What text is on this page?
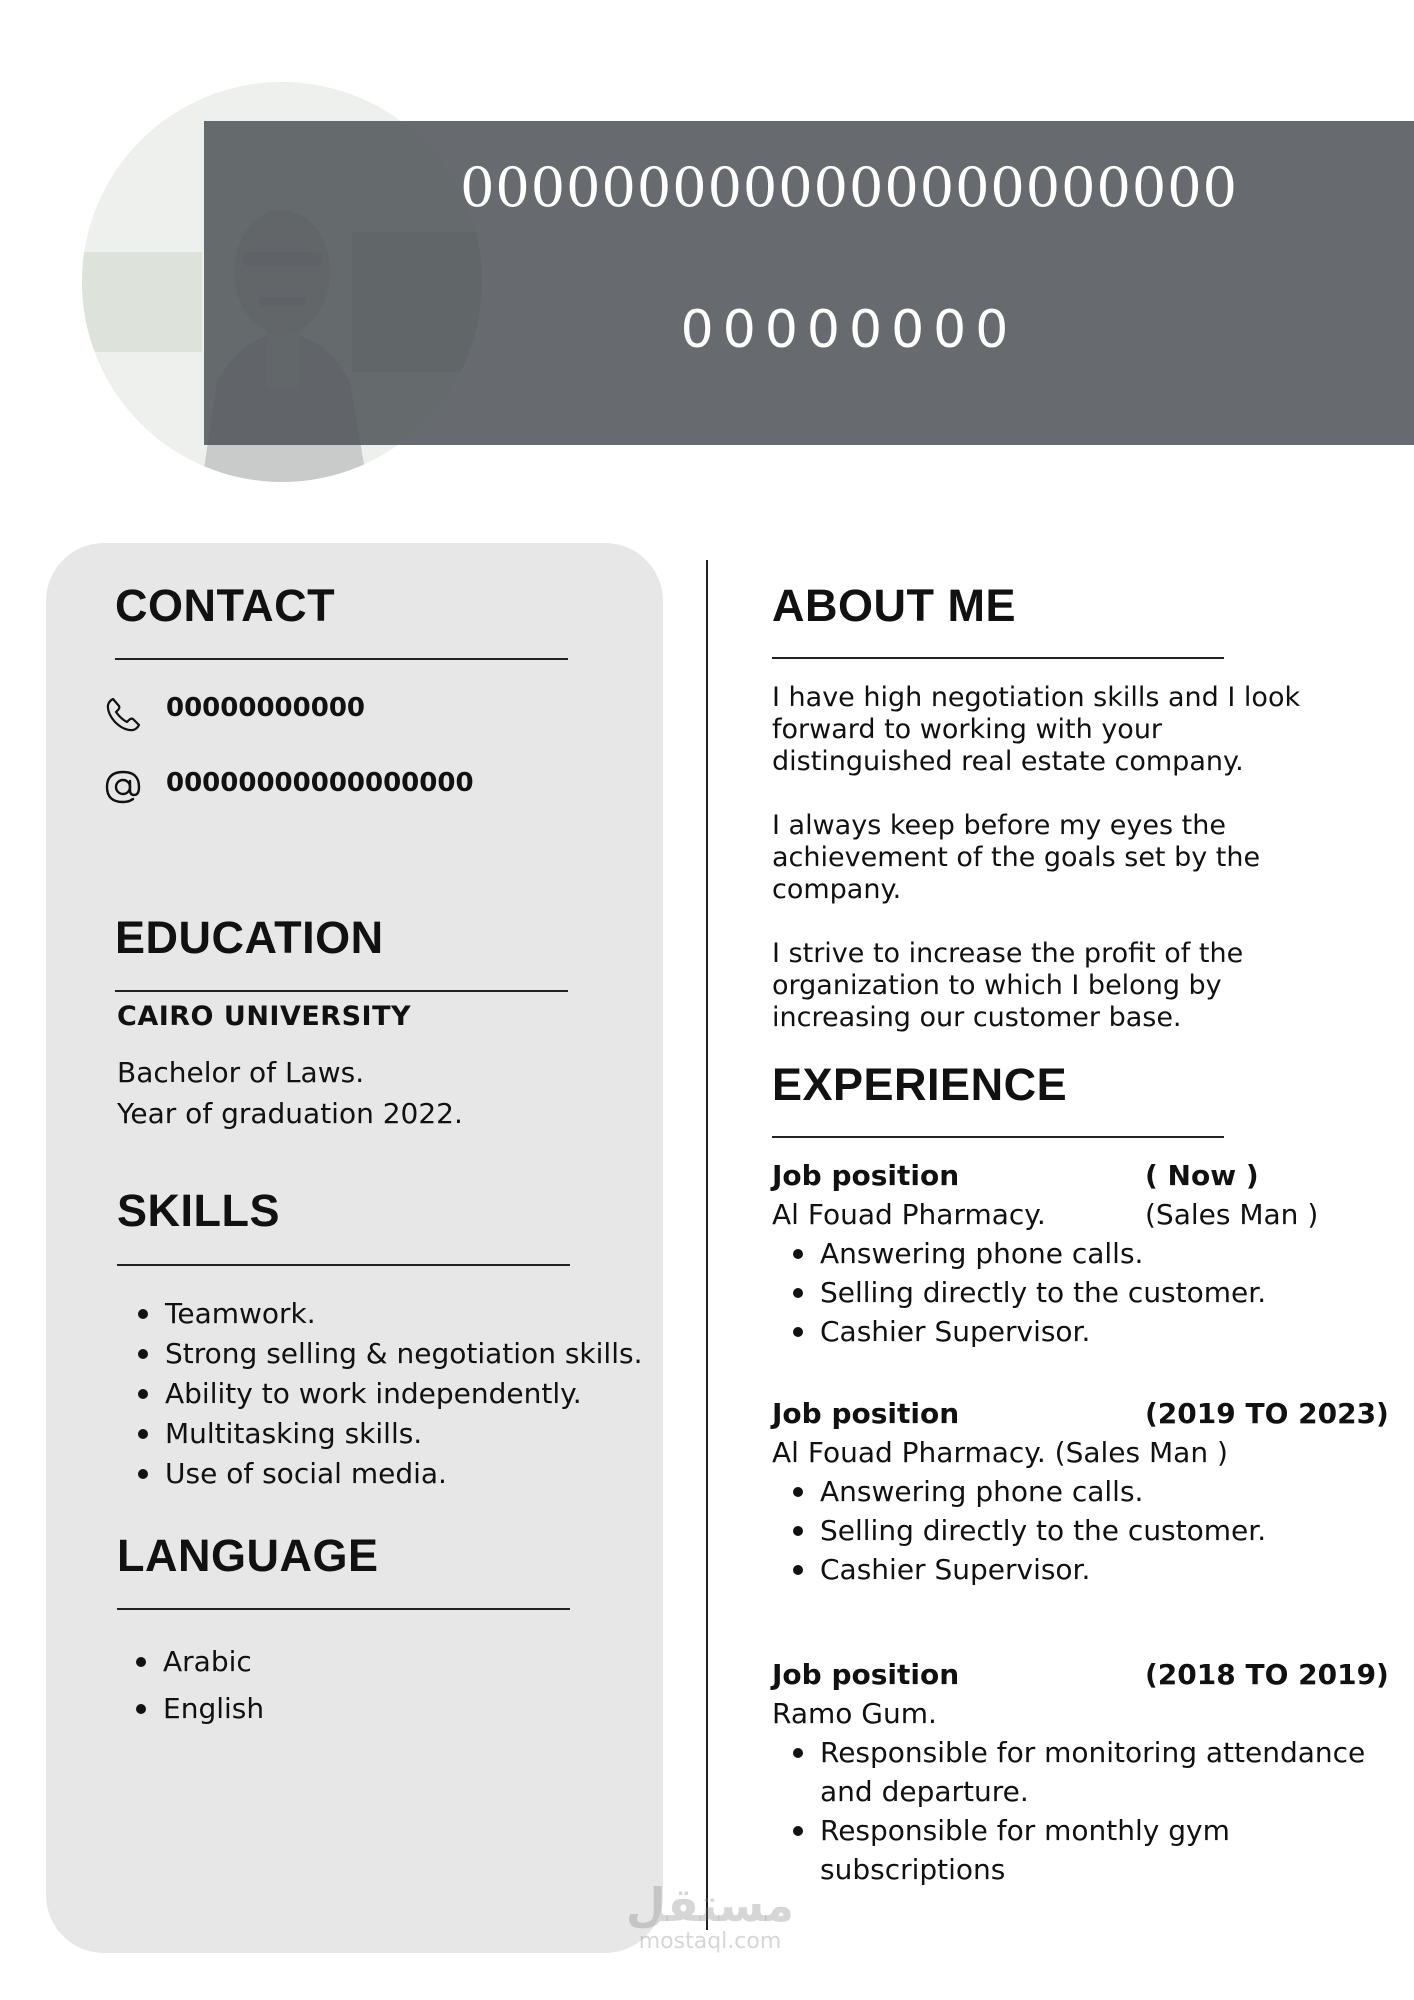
0000000000000000000000
00000000
CONTACT
00000000000
00000000000000000
EDUCATION
CAIRO UNIVERSITY
Bachelor of Laws.
Year of graduation 2022.
SKILLS
Teamwork.
Strong selling & negotiation skills.
Ability to work independently.
Multitasking skills.
Use of social media.
LANGUAGE
Arabic
English
ABOUT ME
I have high negotiation skills and I look
forward to working with your
distinguished real estate company.
I always keep before my eyes the
achievement of the goals set by the
company.
I strive to increase the profit of the
organization to which I belong by
increasing our customer base.
EXPERIENCE
Job position	( Now )
Al Fouad Pharmacy.	(Sales Man )
Answering phone calls.
Selling directly to the customer.
Cashier Supervisor.
Job position	(2019 TO 2023)
Al Fouad Pharmacy. (Sales Man )
Answering phone calls.
Selling directly to the customer.
Cashier Supervisor.
Job position	(2018 TO 2019)
Ramo Gum.
Responsible for monitoring attendance
and departure.
Responsible for monthly gym
subscriptions
مستقل
mostaql.com
